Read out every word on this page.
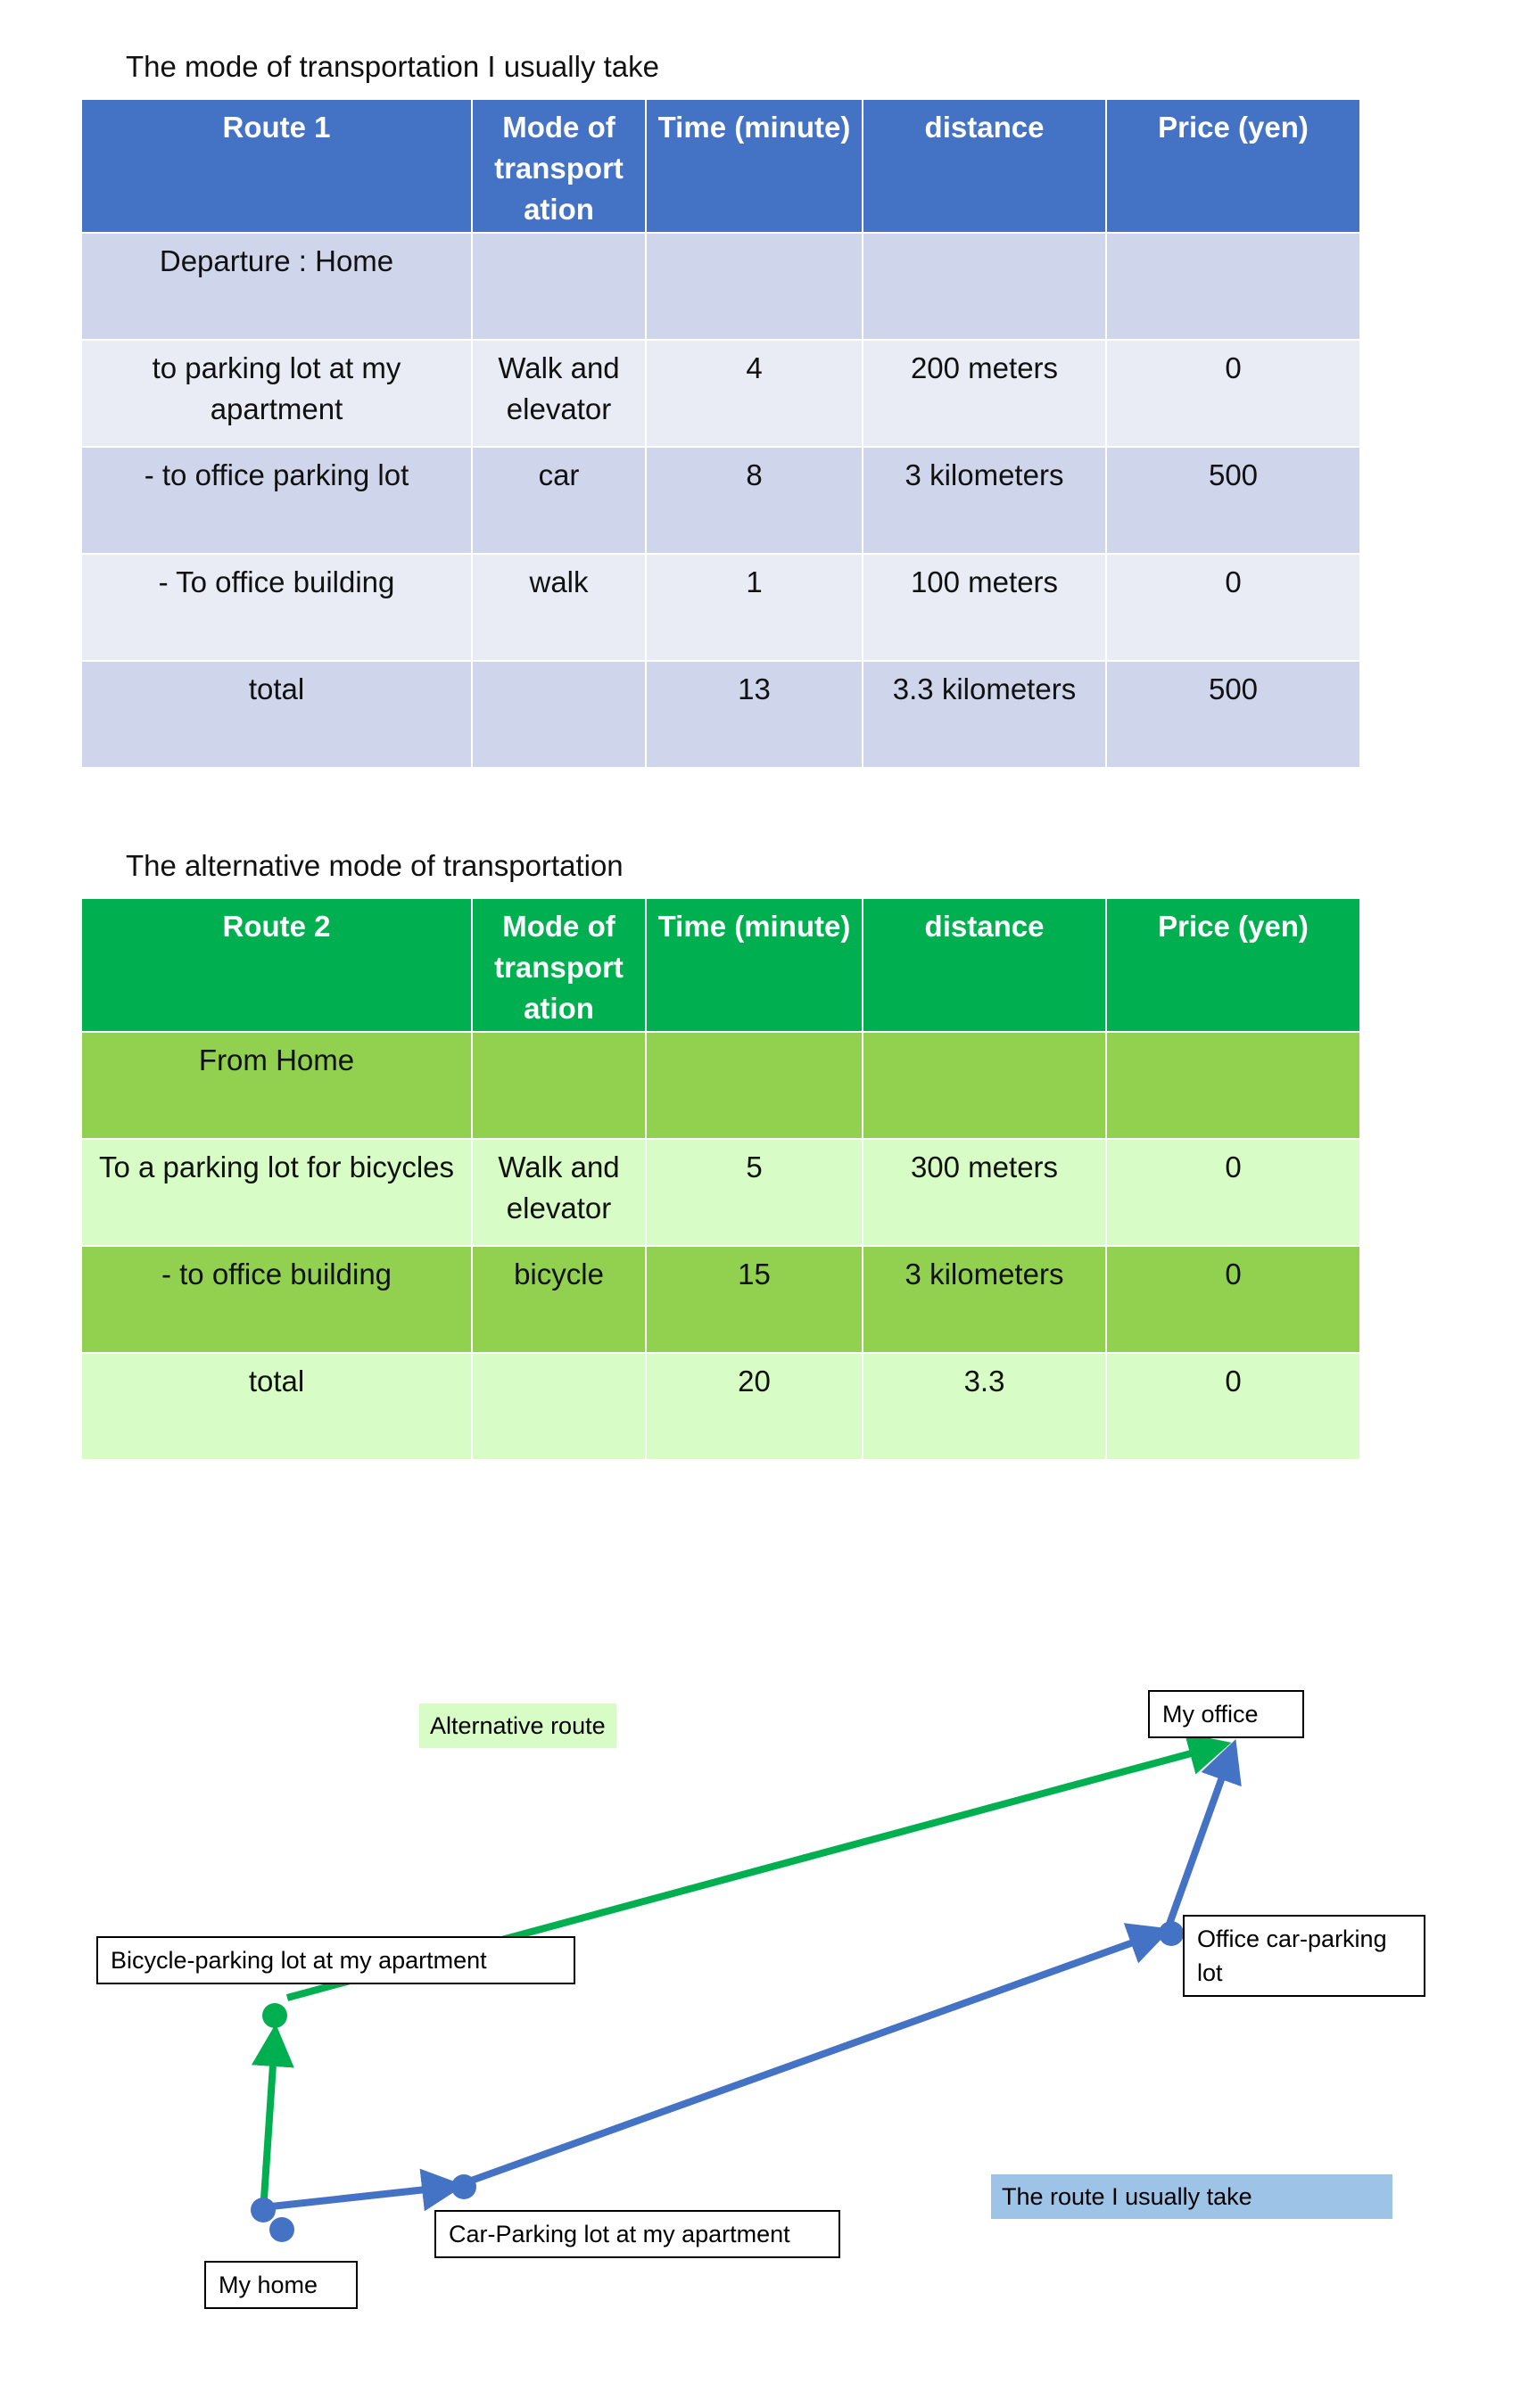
The mode of transportation I usually take
Route 1	Mode of transport ation	Time (minute)	distance	Price (yen)
Departure : Home				
to parking lot at my apartment	Walk and elevator	4	200 meters	0
- to office parking lot	car	8	3 kilometers	500
- To office building	walk	1	100 meters	0
total		13	3.3 kilometers	500
The alternative mode of transportation
Route 2	Mode of transport ation	Time (minute)	distance	Price (yen)
From Home				
To a parking lot for bicycles	Walk and elevator	5	300 meters	0
- to office building	bicycle	15	3 kilometers	0
total		20	3.3	0
Alternative route
The route I usually take
My office
Bicycle-parking lot at my apartment
Office car-parking lot
Car-Parking lot at my apartment
My home
